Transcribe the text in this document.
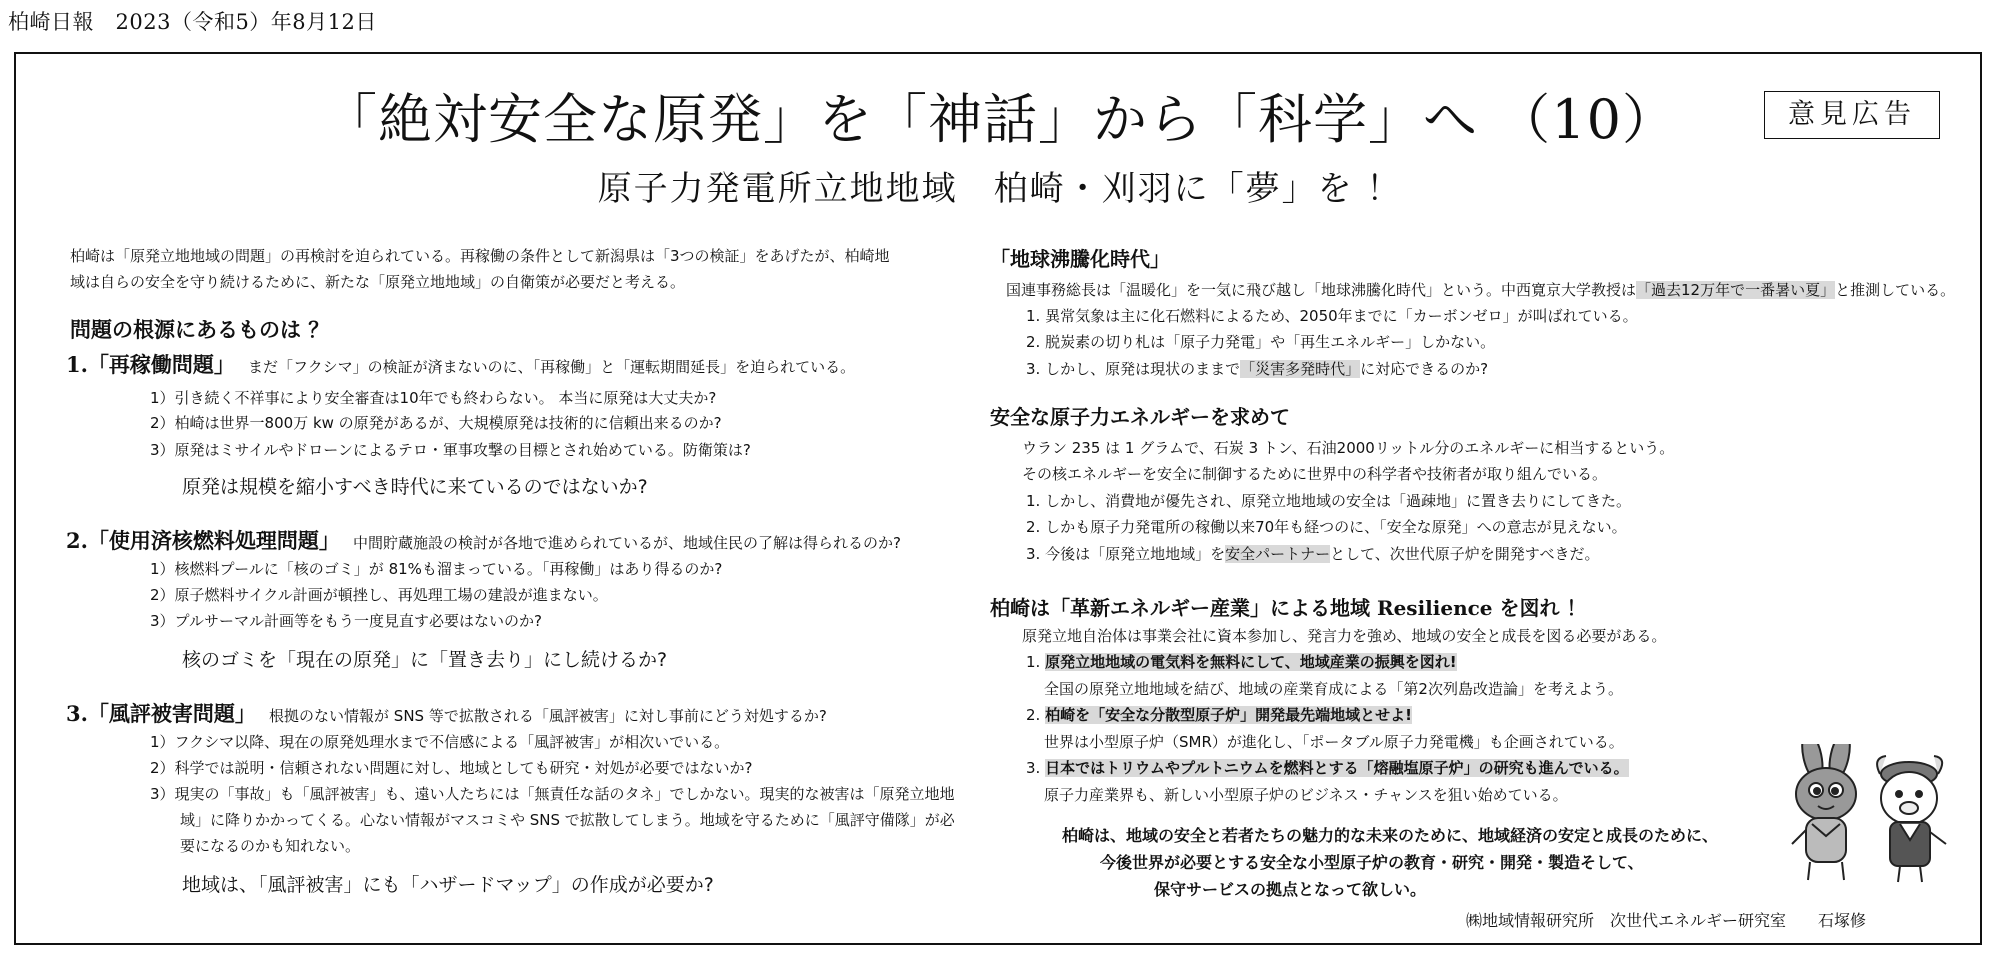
柏崎日報　2023（令和5）年8月12日
「絶対安全な原発」を「神話」から「科学」へ （10）	意見広告
原子力発電所立地地域　柏崎・刈羽に「夢」を ！
柏崎は「原発立地地域の問題」の再検討を迫られている。再稼働の条件として新潟県は「3つの検証」をあげたが、柏崎地
域は自らの安全を守り続けるために、新たな「原発立地地域」の自衛策が必要だと考える。
問題の根源にあるものは ？
1.「再稼働問題」 まだ「フクシマ」の検証が済まないのに、「再稼働」と「運転期間延長」を迫られている。
1）引き続く不祥事により安全審査は10年でも終わらない。 本当に原発は大丈夫か?
2）柏崎は世界一800万 kw の原発があるが、大規模原発は技術的に信頼出来るのか?
3）原発はミサイルやドローンによるテロ・軍事攻撃の目標とされ始めている。防衛策は?
原発は規模を縮小すべき時代に来ているのではないか?
2.「使用済核燃料処理問題」 中間貯蔵施設の検討が各地で進められているが、地域住民の了解は得られるのか?
1）核燃料プールに「核のゴミ」が 81%も溜まっている。「再稼働」はあり得るのか?
2）原子燃料サイクル計画が頓挫し、再処理工場の建設が進まない。
3）プルサーマル計画等をもう一度見直す必要はないのか?
核のゴミを「現在の原発」に「置き去り」にし続けるか?
3.「風評被害問題」 根拠のない情報が SNS 等で拡散される「風評被害」に対し事前にどう対処するか?
1）フクシマ以降、現在の原発処理水まで不信感による「風評被害」が相次いでいる。
2）科学では説明・信頼されない問題に対し、地域としても研究・対処が必要ではないか?
3）現実の「事故」も「風評被害」も、遠い人たちには「無責任な話のタネ」でしかない。現実的な被害は「原発立地地
域」に降りかかってくる。心ない情報がマスコミや SNS で拡散してしまう。地域を守るために「風評守備隊」が必
要になるのかも知れない。
地域は、「風評被害」にも「ハザードマップ」の作成が必要か?
「地球沸騰化時代」
国連事務総長は「温暖化」を一気に飛び越し「地球沸騰化時代」という。中西寛京大学教授は「過去12万年で一番暑い夏」と推測している。
1. 異常気象は主に化石燃料によるため、2050年までに「カーボンゼロ」が叫ばれている。
2. 脱炭素の切り札は「原子力発電」や「再生エネルギー」しかない。
3. しかし、原発は現状のままで「災害多発時代」に対応できるのか?
安全な原子力エネルギーを求めて
ウラン 235 は 1 グラムで、石炭 3 トン、石油2000リットル分のエネルギーに相当するという。
その核エネルギーを安全に制御するために世界中の科学者や技術者が取り組んでいる。
1. しかし、消費地が優先され、原発立地地域の安全は「過疎地」に置き去りにしてきた。
2. しかも原子力発電所の稼働以来70年も経つのに、「安全な原発」への意志が見えない。
3. 今後は「原発立地地域」を安全パートナーとして、次世代原子炉を開発すべきだ。
柏崎は「革新エネルギー産業」による地域 Resilience を図れ ！
原発立地自治体は事業会社に資本参加し、発言力を強め、地域の安全と成長を図る必要がある。
1. 原発立地地域の電気料を無料にして、地域産業の振興を図れ!
全国の原発立地地域を結び、地域の産業育成による「第2次列島改造論」を考えよう。
2. 柏崎を「安全な分散型原子炉」開発最先端地域とせよ!
世界は小型原子炉（SMR）が進化し、「ポータブル原子力発電機」も企画されている。
3. 日本ではトリウムやプルトニウムを燃料とする「熔融塩原子炉」の研究も進んでいる。
原子力産業界も、新しい小型原子炉のビジネス・チャンスを狙い始めている。
柏崎は、地域の安全と若者たちの魅力的な未来のために、地域経済の安定と成長のために、
今後世界が必要とする安全な小型原子炉の教育・研究・開発・製造そして、
保守サービスの拠点となって欲しい。
㈱地域情報研究所　次世代エネルギー研究室　　石塚修
